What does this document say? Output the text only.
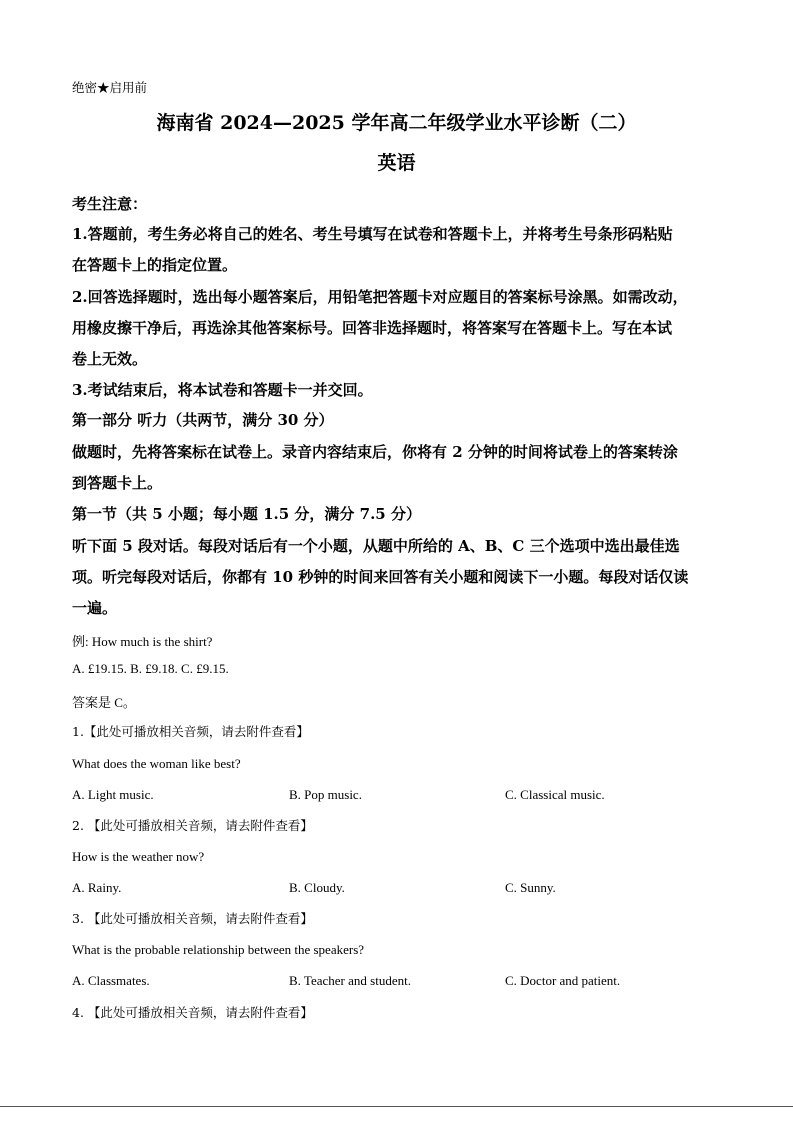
绝密★启用前
海南省 2024—2025 学年高二年级学业水平诊断（二）
英语
考生注意：
1.答题前，考生务必将自己的姓名、考生号填写在试卷和答题卡上，并将考生号条形码粘贴
在答题卡上的指定位置。
2.回答选择题时，选出每小题答案后，用铅笔把答题卡对应题目的答案标号涂黑。如需改动，
用橡皮擦干净后，再选涂其他答案标号。回答非选择题时，将答案写在答题卡上。写在本试
卷上无效。
3.考试结束后，将本试卷和答题卡一并交回。
第一部分 听力（共两节，满分 30 分）
做题时，先将答案标在试卷上。录音内容结束后，你将有 2 分钟的时间将试卷上的答案转涂
到答题卡上。
第一节（共 5 小题；每小题 1.5 分，满分 7.5 分）
听下面 5 段对话。每段对话后有一个小题，从题中所给的 A、B、C 三个选项中选出最佳选
项。听完每段对话后，你都有 10 秒钟的时间来回答有关小题和阅读下一小题。每段对话仅读
一遍。
例: How much is the shirt?
A. £19.15. B. £9.18. C. £9.15.
答案是 C。
1.【此处可播放相关音频，请去附件查看】
What does the woman like best?
A. Light music.	B. Pop music.	C. Classical music.
2. 【此处可播放相关音频，请去附件查看】
How is the weather now?
A. Rainy.	B. Cloudy.	C. Sunny.
3. 【此处可播放相关音频，请去附件查看】
What is the probable relationship between the speakers?
A. Classmates.	B. Teacher and student.	C. Doctor and patient.
4. 【此处可播放相关音频，请去附件查看】
